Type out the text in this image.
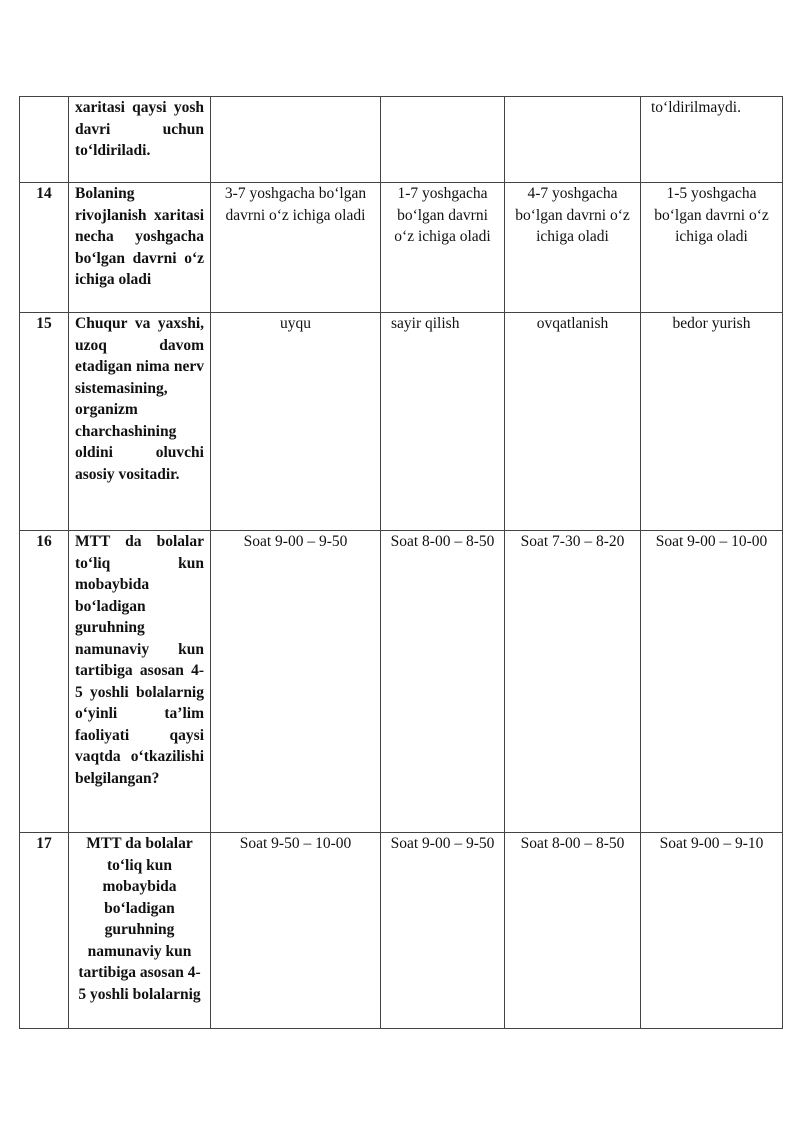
	xaritasi qaysi yosh davri uchun to‘ldiriladi.				to‘ldirilmaydi.
14	Bolaning rivojlanish xaritasi necha yoshgacha bo‘lgan davrni o‘z ichiga oladi	3-7 yoshgacha bo‘lgan davrni o‘z ichiga oladi	1-7 yoshgacha bo‘lgan davrni o‘z ichiga oladi	4-7 yoshgacha bo‘lgan davrni o‘z ichiga oladi	1-5 yoshgacha bo‘lgan davrni o‘z ichiga oladi
15	Chuqur va yaxshi, uzoq davom etadigan nima nerv sistemasining, organizm charchashining oldini oluvchi asosiy vositadir.	uyqu	sayir qilish	ovqatlanish	bedor yurish
16	MTT da bolalar to‘liq kun mobaybida bo‘ladigan guruhning namunaviy kun tartibiga asosan 4-5 yoshli bolalarnig o‘yinli ta’lim faoliyati qaysi vaqtda o‘tkazilishi belgilangan?	Soat 9-00 – 9-50	Soat 8-00 – 8-50	Soat 7-30 – 8-20	Soat 9-00 – 10-00
17	MTT da bolalar to‘liq kun mobaybida bo‘ladigan guruhning namunaviy kun tartibiga asosan 4-5 yoshli bolalarnig	Soat 9-50 – 10-00	Soat 9-00 – 9-50	Soat 8-00 – 8-50	Soat 9-00 – 9-10
